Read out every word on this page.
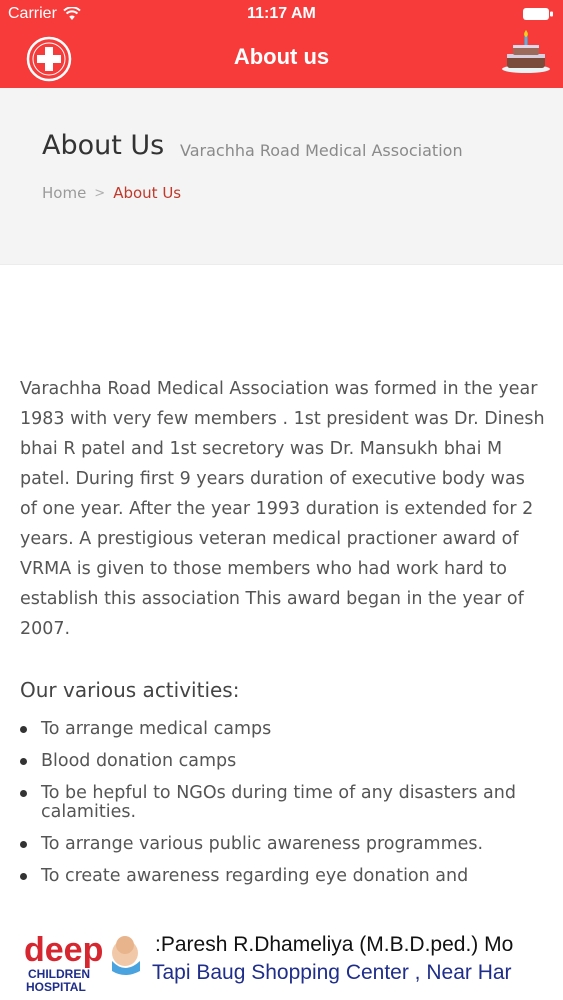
Carrier	11:17 AM
About us
About Us Varachha Road Medical Association
Home > About Us

Varachha Road Medical Association was formed in the year 1983 with very few members . 1st president was Dr. Dinesh bhai R patel and 1st secretory was Dr. Mansukh bhai M patel. During first 9 years duration of executive body was of one year. After the year 1993 duration is extended for 2 years. A prestigious veteran medical practioner award of VRMA is given to those members who had work hard to establish this association This award began in the year of 2007.

Our various activities:
To arrange medical camps
Blood donation camps
To be hepful to NGOs during time of any disasters and calamities.
To arrange various public awareness programmes.
To create awareness regarding eye donation and
deep
CHILDREN
HOSPITAL
:Paresh R.Dhameliya (M.B.D.ped.) Mo
Tapi Baug Shopping Center , Near Har
